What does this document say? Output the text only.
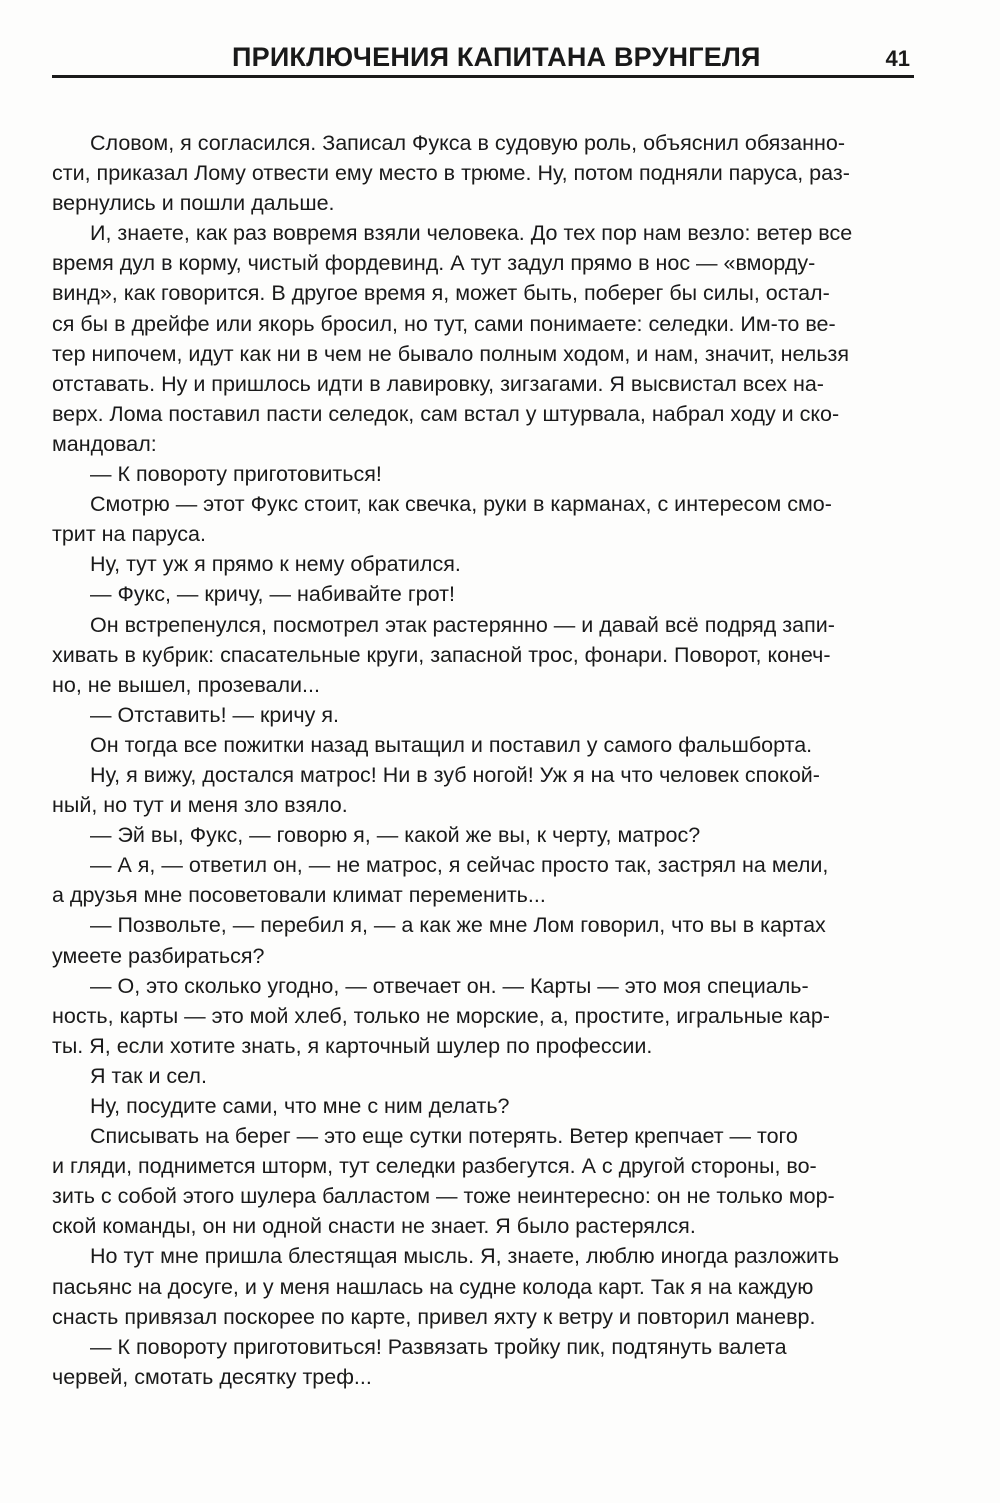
ПРИКЛЮЧЕНИЯ КАПИТАНА ВРУНГЕЛЯ	41

Словом, я согласился. Записал Фукса в судовую роль, объяснил обязанно-
сти, приказал Лому отвести ему место в трюме. Ну, потом подняли паруса, раз-
вернулись и пошли дальше.

И, знаете, как раз вовремя взяли человека. До тех пор нам везло: ветер все
время дул в корму, чистый фордевинд. А тут задул прямо в нос — «вморду-
винд», как говорится. В другое время я, может быть, поберег бы силы, остал-
ся бы в дрейфе или якорь бросил, но тут, сами понимаете: селедки. Им-то ве-
тер нипочем, идут как ни в чем не бывало полным ходом, и нам, значит, нельзя
отставать. Ну и пришлось идти в лавировку, зигзагами. Я высвистал всех на-
верх. Лома поставил пасти селедок, сам встал у штурвала, набрал ходу и ско-
мандовал:

— К повороту приготовиться!

Смотрю — этот Фукс стоит, как свечка, руки в карманах, с интересом смо-
трит на паруса.

Ну, тут уж я прямо к нему обратился.

— Фукс, — кричу, — набивайте грот!

Он встрепенулся, посмотрел этак растерянно — и давай всё подряд запи-
хивать в кубрик: спасательные круги, запасной трос, фонари. Поворот, конеч-
но, не вышел, прозевали...

— Отставить! — кричу я.

Он тогда все пожитки назад вытащил и поставил у самого фальшборта.

Ну, я вижу, достался матрос! Ни в зуб ногой! Уж я на что человек спокой-
ный, но тут и меня зло взяло.

— Эй вы, Фукс, — говорю я, — какой же вы, к черту, матрос?

— А я, — ответил он, — не матрос, я сейчас просто так, застрял на мели,
а друзья мне посоветовали климат переменить...

— Позвольте, — перебил я, — а как же мне Лом говорил, что вы в картах
умеете разбираться?

— О, это сколько угодно, — отвечает он. — Карты — это моя специаль-
ность, карты — это мой хлеб, только не морские, а, простите, игральные кар-
ты. Я, если хотите знать, я карточный шулер по профессии.

Я так и сел.

Ну, посудите сами, что мне с ним делать?

Списывать на берег — это еще сутки потерять. Ветер крепчает — того
и гляди, поднимется шторм, тут селедки разбегутся. А с другой стороны, во-
зить с собой этого шулера балластом — тоже неинтересно: он не только мор-
ской команды, он ни одной снасти не знает. Я было растерялся.

Но тут мне пришла блестящая мысль. Я, знаете, люблю иногда разложить
пасьянс на досуге, и у меня нашлась на судне колода карт. Так я на каждую
снасть привязал поскорее по карте, привел яхту к ветру и повторил маневр.

— К повороту приготовиться! Развязать тройку пик, подтянуть валета
червей, смотать десятку треф...
